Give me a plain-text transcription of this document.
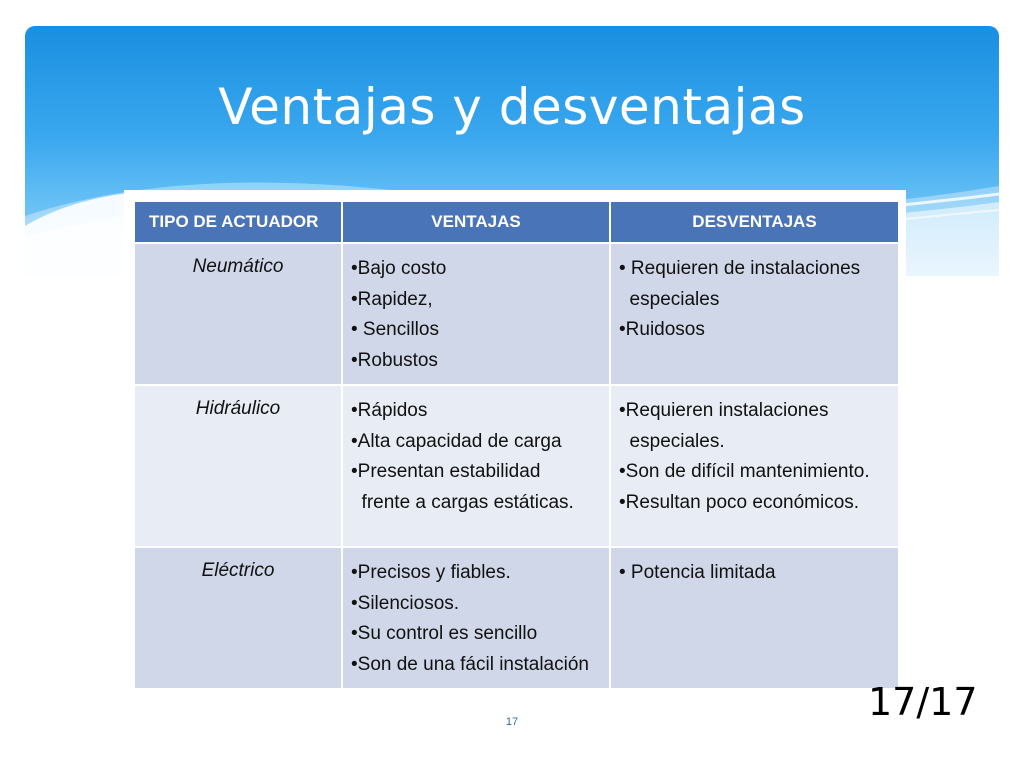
Ventajas y desventajas
TIPO DE ACTUADOR	VENTAJAS	DESVENTAJAS
Neumático	•Bajo costo
•Rapidez,
• Sencillos
•Robustos	• Requieren de instalaciones
especiales
•Ruidosos

Hidráulico	•Rápidos
•Alta capacidad de carga
•Presentan estabilidad
frente a cargas estáticas.	•Requieren instalaciones
especiales.
•Son de difícil mantenimiento.
•Resultan poco económicos.

Eléctrico	•Precisos y fiables.
•Silenciosos.
•Su control es sencillo
•Son de una fácil instalación	• Potencia limitada
17	17/17
